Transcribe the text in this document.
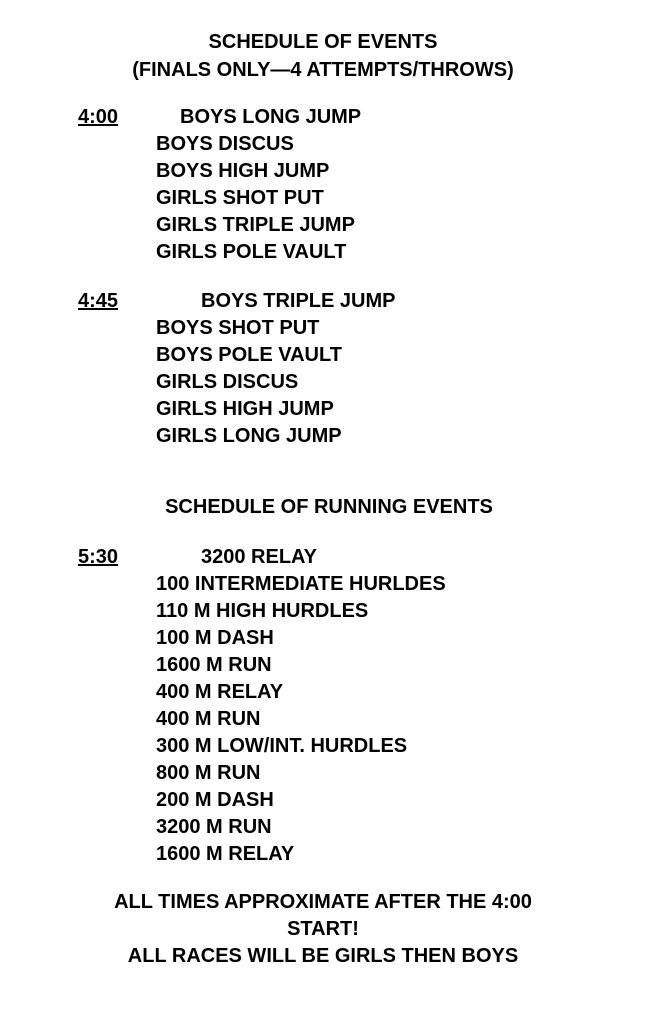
SCHEDULE OF EVENTS
(FINALS ONLY—4 ATTEMPTS/THROWS)
4:00	BOYS LONG JUMP
BOYS DISCUS
BOYS HIGH JUMP
GIRLS SHOT PUT
GIRLS TRIPLE JUMP
GIRLS POLE VAULT
4:45	BOYS TRIPLE JUMP
BOYS SHOT PUT
BOYS POLE VAULT
GIRLS DISCUS
GIRLS HIGH JUMP
GIRLS LONG JUMP
SCHEDULE OF RUNNING EVENTS
5:30	3200 RELAY
100 INTERMEDIATE HURLDES
110 M HIGH HURDLES
100 M DASH
1600 M RUN
400 M RELAY
400 M RUN
300 M LOW/INT. HURDLES
800 M RUN
200 M DASH
3200 M RUN
1600 M RELAY
ALL TIMES APPROXIMATE AFTER THE 4:00
START!
ALL RACES WILL BE GIRLS THEN BOYS
